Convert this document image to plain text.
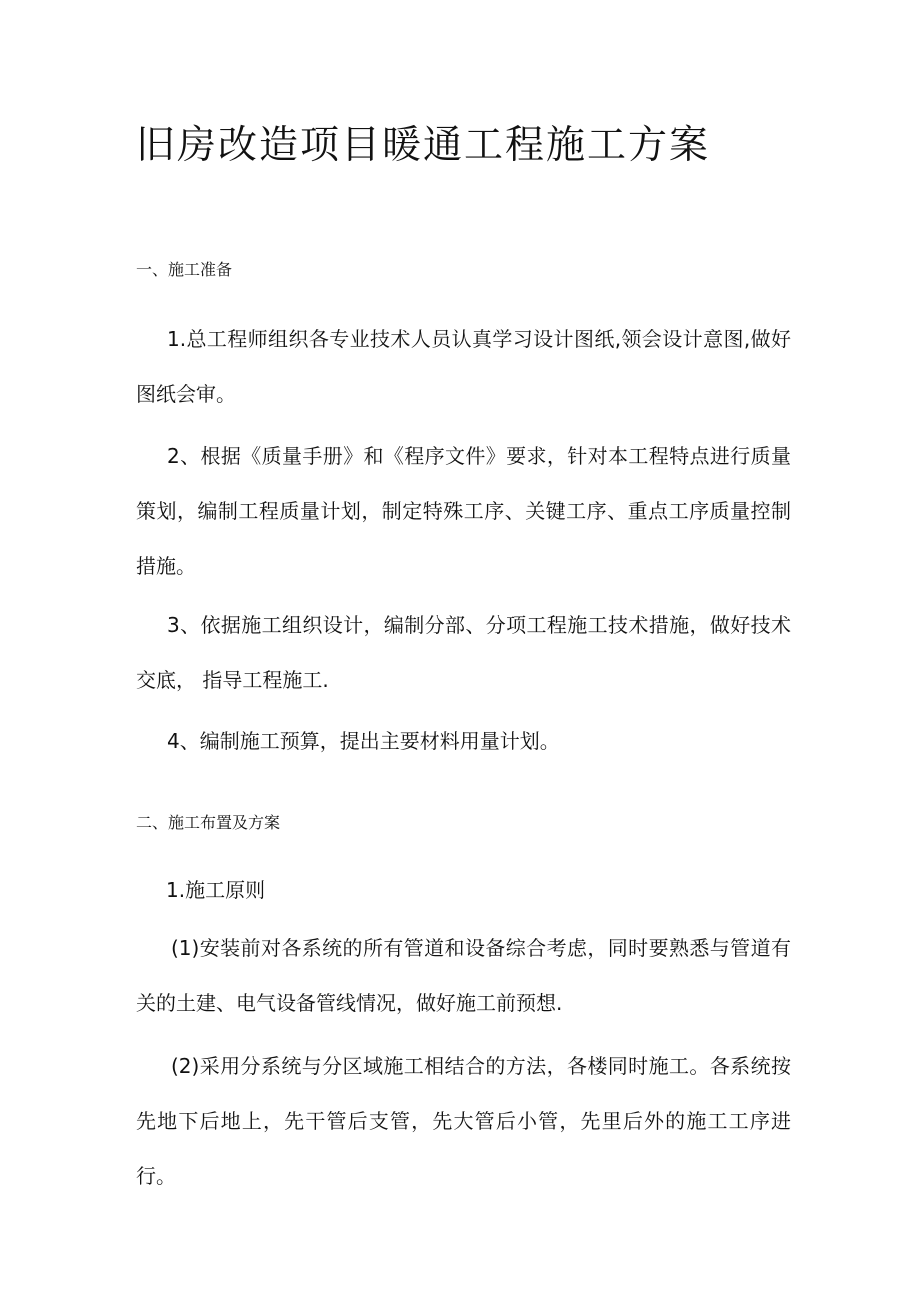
旧房改造项目暖通工程施工方案
一、施工准备

1.总工程师组织各专业技术人员认真学习设计图纸,领会设计意图,做好图纸会审。

2、根据《质量手册》和《程序文件》要求，针对本工程特点进行质量策划，编制工程质量计划，制定特殊工序、关键工序、重点工序质量控制措施。

3、依据施工组织设计，编制分部、分项工程施工技术措施，做好技术交底， 指导工程施工.

4、编制施工预算，提出主要材料用量计划。

二、施工布置及方案

1.施工原则

(1)安装前对各系统的所有管道和设备综合考虑，同时要熟悉与管道有关的土建、电气设备管线情况，做好施工前预想.

(2)采用分系统与分区域施工相结合的方法，各楼同时施工。各系统按先地下后地上，先干管后支管，先大管后小管，先里后外的施工工序进行。
